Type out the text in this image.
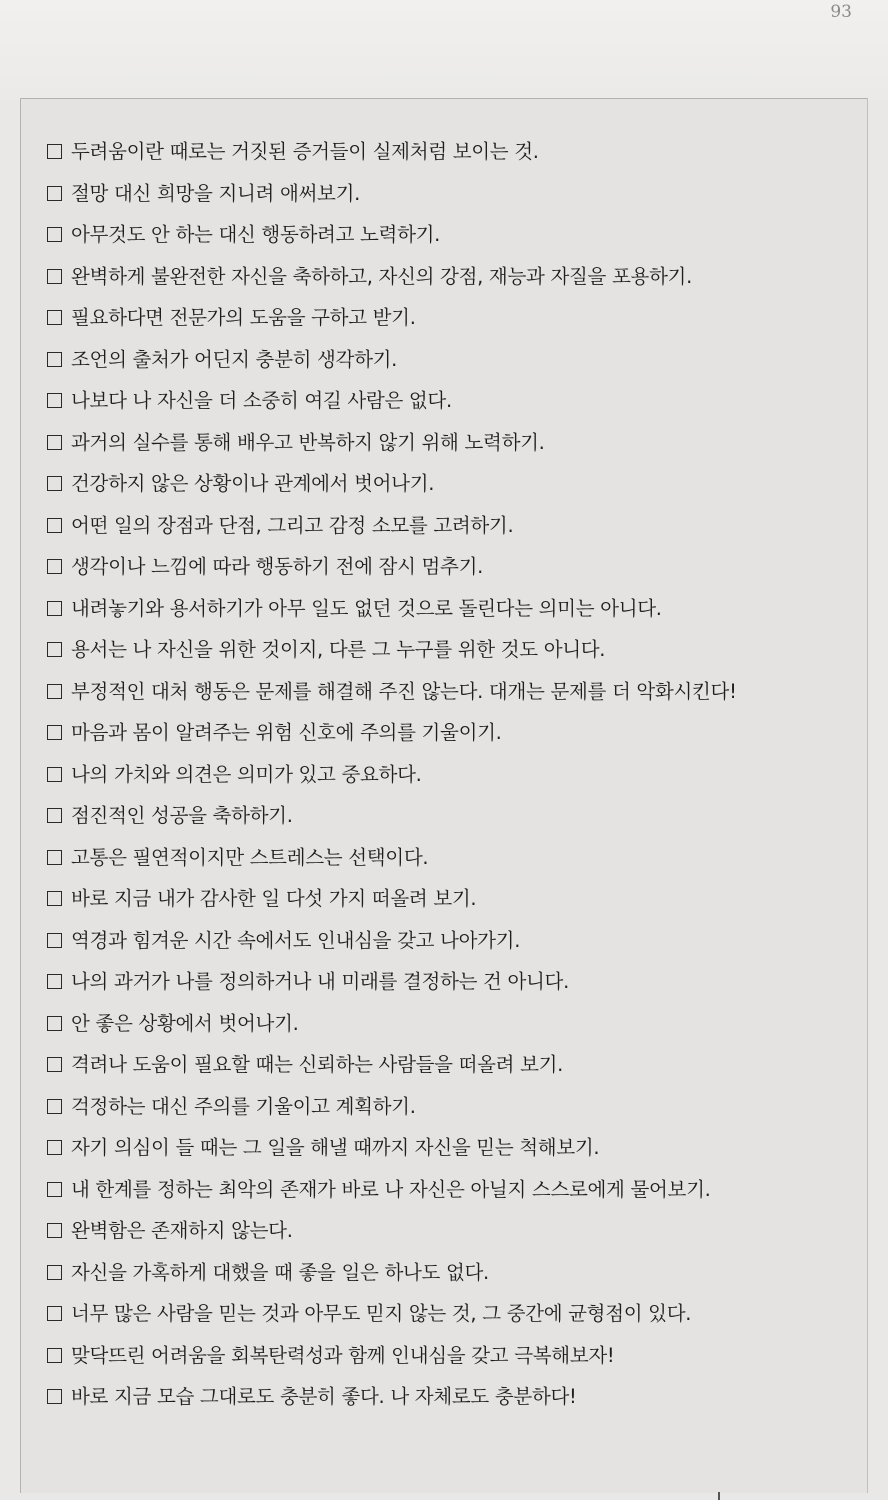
93
두려움이란 때로는 거짓된 증거들이 실제처럼 보이는 것.
절망 대신 희망을 지니려 애써보기.
아무것도 안 하는 대신 행동하려고 노력하기.
완벽하게 불완전한 자신을 축하하고, 자신의 강점, 재능과 자질을 포용하기.
필요하다면 전문가의 도움을 구하고 받기.
조언의 출처가 어딘지 충분히 생각하기.
나보다 나 자신을 더 소중히 여길 사람은 없다.
과거의 실수를 통해 배우고 반복하지 않기 위해 노력하기.
건강하지 않은 상황이나 관계에서 벗어나기.
어떤 일의 장점과 단점, 그리고 감정 소모를 고려하기.
생각이나 느낌에 따라 행동하기 전에 잠시 멈추기.
내려놓기와 용서하기가 아무 일도 없던 것으로 돌린다는 의미는 아니다.
용서는 나 자신을 위한 것이지, 다른 그 누구를 위한 것도 아니다.
부정적인 대처 행동은 문제를 해결해 주진 않는다. 대개는 문제를 더 악화시킨다!
마음과 몸이 알려주는 위험 신호에 주의를 기울이기.
나의 가치와 의견은 의미가 있고 중요하다.
점진적인 성공을 축하하기.
고통은 필연적이지만 스트레스는 선택이다.
바로 지금 내가 감사한 일 다섯 가지 떠올려 보기.
역경과 힘겨운 시간 속에서도 인내심을 갖고 나아가기.
나의 과거가 나를 정의하거나 내 미래를 결정하는 건 아니다.
안 좋은 상황에서 벗어나기.
격려나 도움이 필요할 때는 신뢰하는 사람들을 떠올려 보기.
걱정하는 대신 주의를 기울이고 계획하기.
자기 의심이 들 때는 그 일을 해낼 때까지 자신을 믿는 척해보기.
내 한계를 정하는 최악의 존재가 바로 나 자신은 아닐지 스스로에게 물어보기.
완벽함은 존재하지 않는다.
자신을 가혹하게 대했을 때 좋을 일은 하나도 없다.
너무 많은 사람을 믿는 것과 아무도 믿지 않는 것, 그 중간에 균형점이 있다.
맞닥뜨린 어려움을 회복탄력성과 함께 인내심을 갖고 극복해보자!
바로 지금 모습 그대로도 충분히 좋다. 나 자체로도 충분하다!
